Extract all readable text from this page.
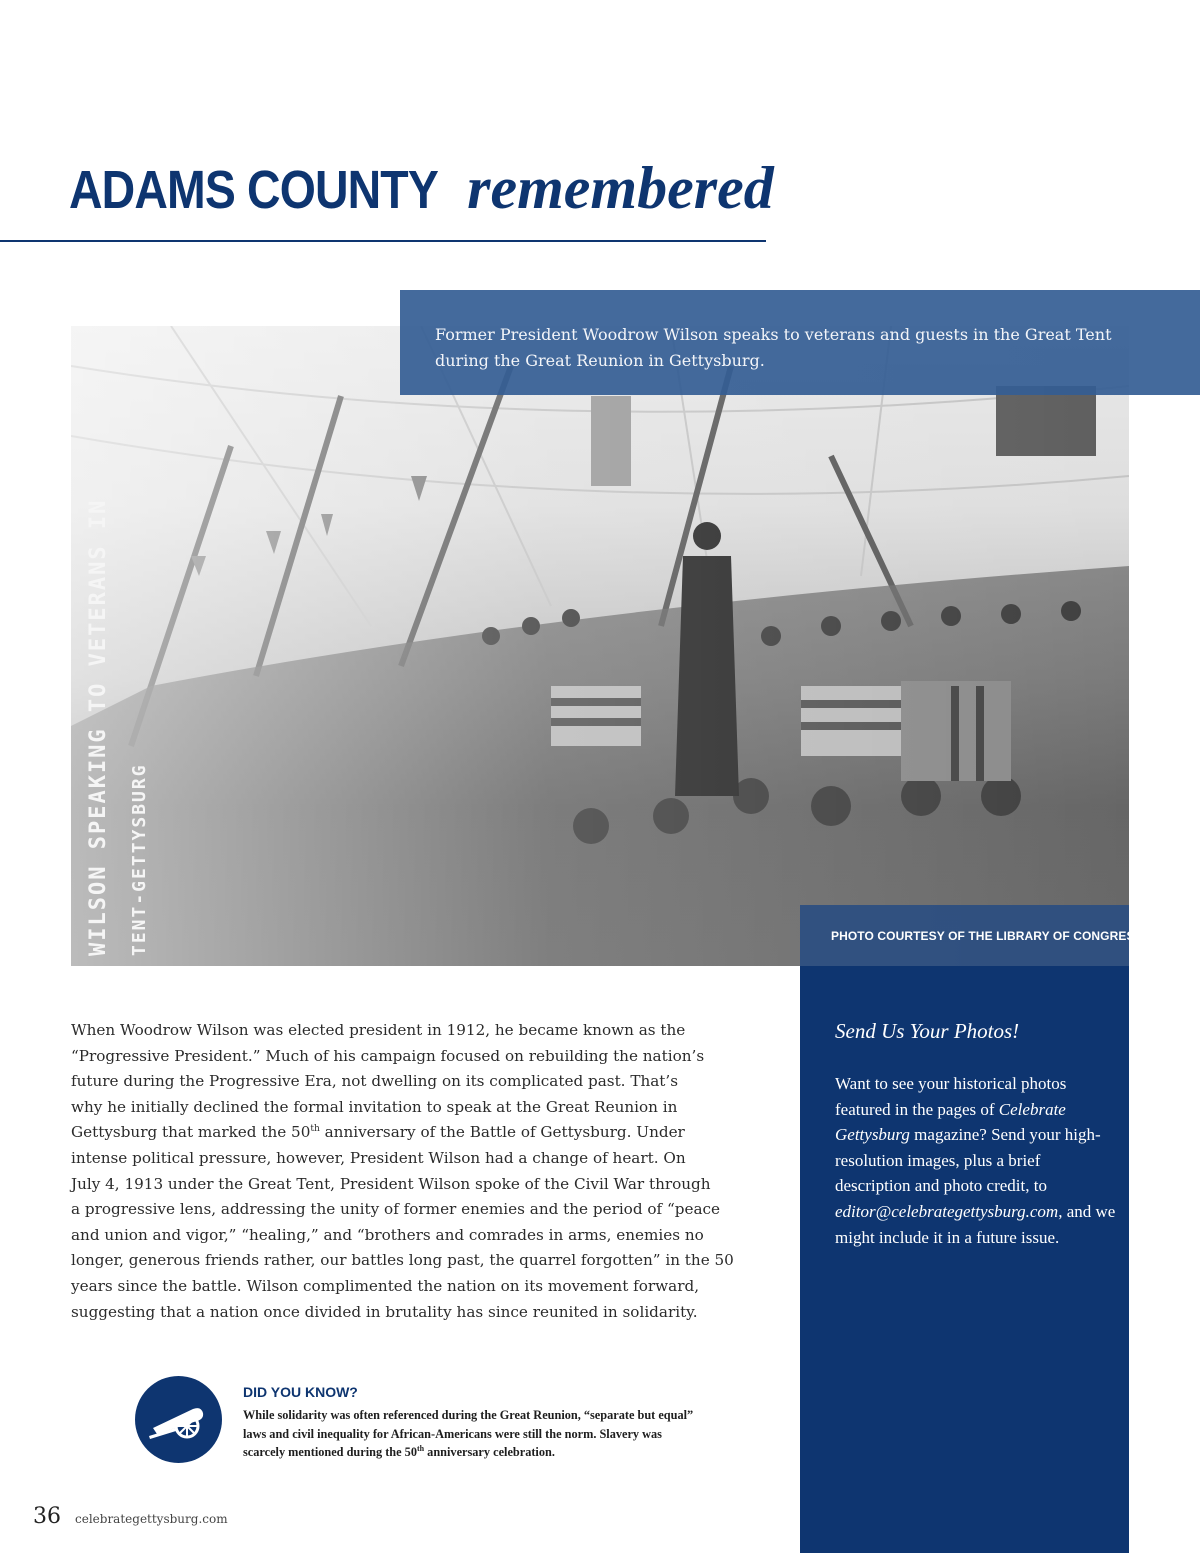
ADAMS COUNTY remembered
WILSON SPEAKING TO VETERANS IN TENT-GETTYSBURG

Former President Woodrow Wilson speaks to veterans and guests in the Great Tent during the Great Reunion in Gettysburg.

PHOTO COURTESY OF THE LIBRARY OF CONGRESS

Send Us Your Photos!

Want to see your historical photos featured in the pages of Celebrate Gettysburg magazine? Send your high-resolution images, plus a brief description and photo credit, to editor@celebrategettysburg.com, and we might include it in a future issue.

When Woodrow Wilson was elected president in 1912, he became known as the
“Progressive President.” Much of his campaign focused on rebuilding the nation’s
future during the Progressive Era, not dwelling on its complicated past. That’s
why he initially declined the formal invitation to speak at the Great Reunion in
Gettysburg that marked the 50th anniversary of the Battle of Gettysburg. Under
intense political pressure, however, President Wilson had a change of heart. On
July 4, 1913 under the Great Tent, President Wilson spoke of the Civil War through
a progressive lens, addressing the unity of former enemies and the period of “peace
and union and vigor,” “healing,” and “brothers and comrades in arms, enemies no
longer, generous friends rather, our battles long past, the quarrel forgotten” in the 50
years since the battle. Wilson complimented the nation on its movement forward,
suggesting that a nation once divided in brutality has since reunited in solidarity.

DID YOU KNOW?

While solidarity was often referenced during the Great Reunion, “separate but equal”
laws and civil inequality for African-Americans were still the norm. Slavery was
scarcely mentioned during the 50th anniversary celebration.

36 celebrategettysburg.com
